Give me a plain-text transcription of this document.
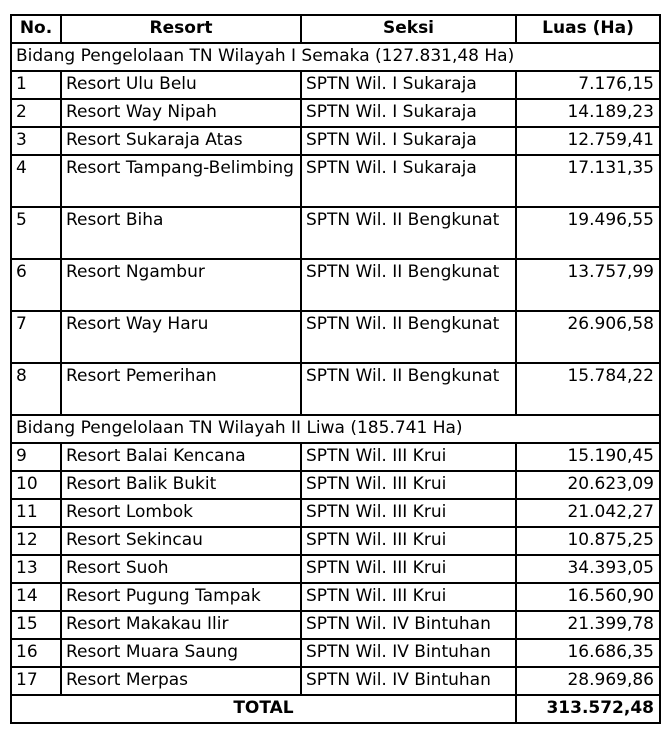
No.	Resort	Seksi	Luas (Ha)
Bidang Pengelolaan TN Wilayah I Semaka (127.831,48 Ha)			
1	Resort Ulu Belu	SPTN Wil. I Sukaraja	7.176,15
2	Resort Way Nipah	SPTN Wil. I Sukaraja	14.189,23
3	Resort Sukaraja Atas	SPTN Wil. I Sukaraja	12.759,41
4	Resort Tampang-Belimbing	SPTN Wil. I Sukaraja	17.131,35
5	Resort Biha	SPTN Wil. II Bengkunat	19.496,55
6	Resort Ngambur	SPTN Wil. II Bengkunat	13.757,99
7	Resort Way Haru	SPTN Wil. II Bengkunat	26.906,58
8	Resort Pemerihan	SPTN Wil. II Bengkunat	15.784,22
Bidang Pengelolaan TN Wilayah II Liwa (185.741 Ha)			
9	Resort Balai Kencana	SPTN Wil. III Krui	15.190,45
10	Resort Balik Bukit	SPTN Wil. III Krui	20.623,09
11	Resort Lombok	SPTN Wil. III Krui	21.042,27
12	Resort Sekincau	SPTN Wil. III Krui	10.875,25
13	Resort Suoh	SPTN Wil. III Krui	34.393,05
14	Resort Pugung Tampak	SPTN Wil. III Krui	16.560,90
15	Resort Makakau Ilir	SPTN Wil. IV Bintuhan	21.399,78
16	Resort Muara Saung	SPTN Wil. IV Bintuhan	16.686,35
17	Resort Merpas	SPTN Wil. IV Bintuhan	28.969,86
TOTAL			313.572,48
